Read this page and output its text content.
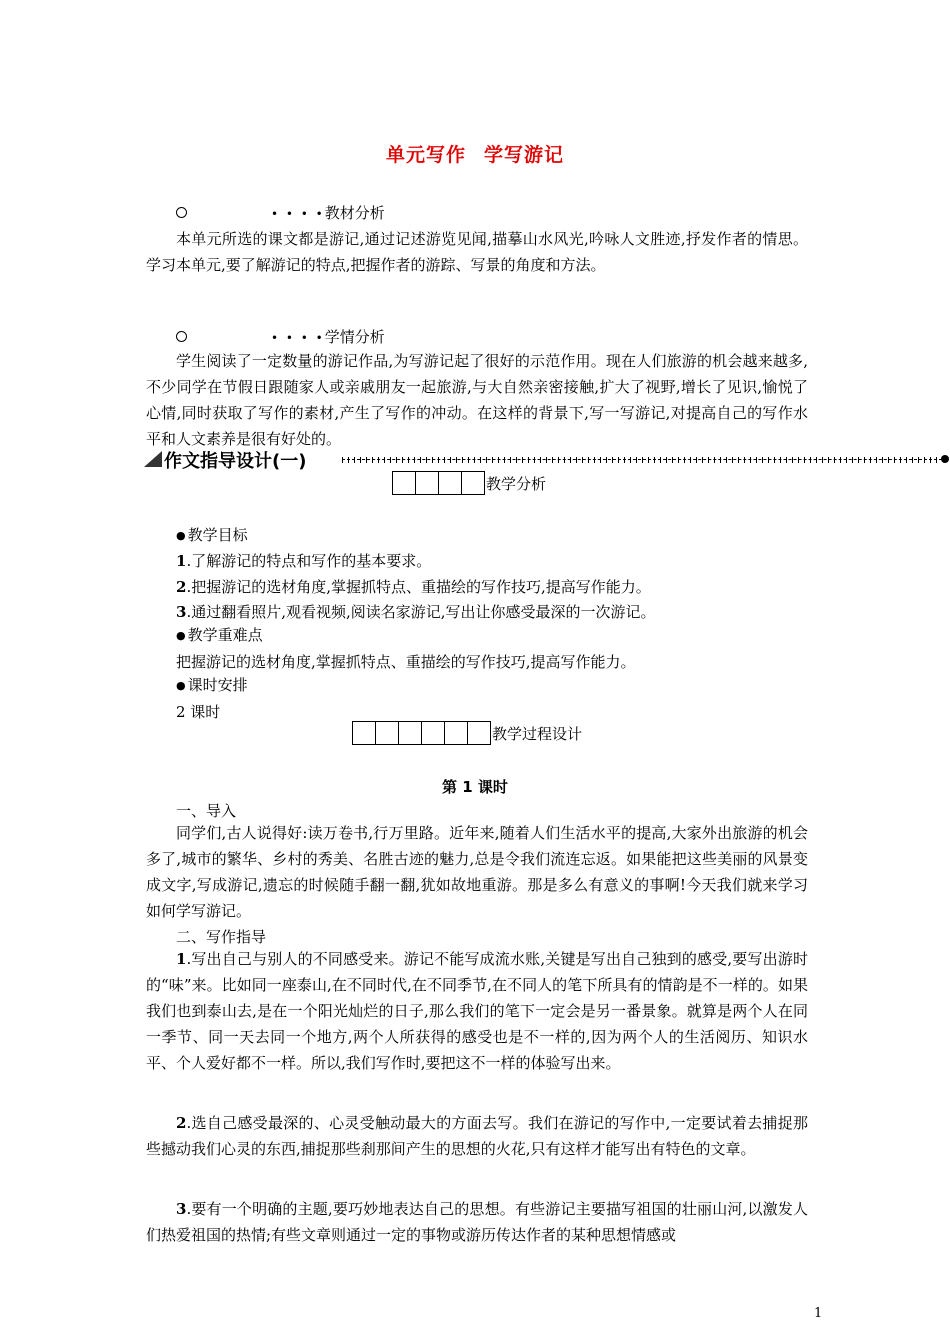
单元写作 学写游记
• • • •教材分析
本单元所选的课文都是游记,通过记述游览见闻,描摹山水风光,吟咏人文胜迹,抒发作者的情思。学习本单元,要了解游记的特点,把握作者的游踪、写景的角度和方法。
• • • •学情分析
学生阅读了一定数量的游记作品,为写游记起了很好的示范作用。现在人们旅游的机会越来越多,不少同学在节假日跟随家人或亲戚朋友一起旅游,与大自然亲密接触,扩大了视野,增长了见识,愉悦了心情,同时获取了写作的素材,产生了写作的冲动。在这样的背景下,写一写游记,对提高自己的写作水平和人文素养是很有好处的。
作文指导设计(一)
教学分析
● 教学目标
1.了解游记的特点和写作的基本要求。
2.把握游记的选材角度,掌握抓特点、重描绘的写作技巧,提高写作能力。
3.通过翻看照片,观看视频,阅读名家游记,写出让你感受最深的一次游记。
● 教学重难点
把握游记的选材角度,掌握抓特点、重描绘的写作技巧,提高写作能力。
● 课时安排
2 课时
教学过程设计
第 1 课时
一、导入
同学们,古人说得好:读万卷书,行万里路。近年来,随着人们生活水平的提高,大家外出旅游的机会多了,城市的繁华、乡村的秀美、名胜古迹的魅力,总是令我们流连忘返。如果能把这些美丽的风景变成文字,写成游记,遗忘的时候随手翻一翻,犹如故地重游。那是多么有意义的事啊!今天我们就来学习如何学写游记。
二、写作指导
1.写出自己与别人的不同感受来。游记不能写成流水账,关键是写出自己独到的感受,要写出游时的“味”来。比如同一座泰山,在不同时代,在不同季节,在不同人的笔下所具有的情韵是不一样的。如果我们也到泰山去,是在一个阳光灿烂的日子,那么我们的笔下一定会是另一番景象。就算是两个人在同一季节、同一天去同一个地方,两个人所获得的感受也是不一样的,因为两个人的生活阅历、知识水平、个人爱好都不一样。所以,我们写作时,要把这不一样的体验写出来。
2.选自己感受最深的、心灵受触动最大的方面去写。我们在游记的写作中,一定要试着去捕捉那些撼动我们心灵的东西,捕捉那些刹那间产生的思想的火花,只有这样才能写出有特色的文章。
3.要有一个明确的主题,要巧妙地表达自己的思想。有些游记主要描写祖国的壮丽山河,以激发人们热爱祖国的热情;有些文章则通过一定的事物或游历传达作者的某种思想情感或
1
